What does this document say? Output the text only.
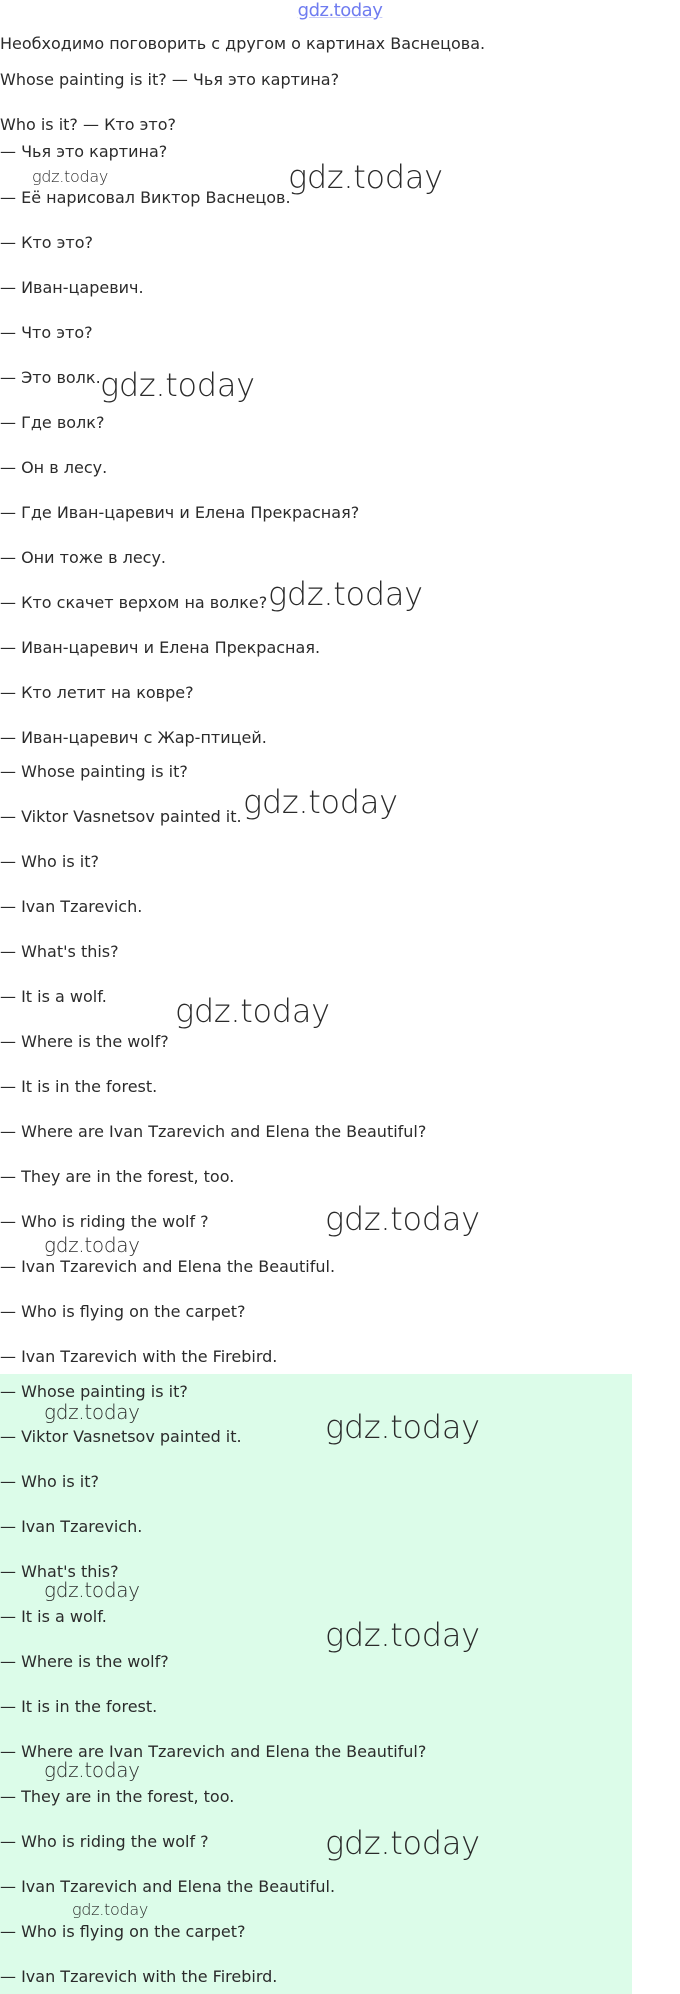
gdz.today
Необходимо поговорить с другом о картинах Васнецова.
Whose painting is it? — Чья это картина?
Who is it? — Кто это?
— Чья это картина?
— Её нарисовал Виктор Васнецов.
— Кто это?
— Иван-царевич.
— Что это?
— Это волк.
— Где волк?
— Он в лесу.
— Где Иван-царевич и Елена Прекрасная?
— Они тоже в лесу.
— Кто скачет верхом на волке?
— Иван-царевич и Елена Прекрасная.
— Кто летит на ковре?
— Иван-царевич с Жар-птицей.
— Whose painting is it?
— Viktor Vasnetsov painted it.
— Who is it?
— Ivan Tzarevich.
— What's this?
— It is a wolf.
— Where is the wolf?
— It is in the forest.
— Where are Ivan Tzarevich and Elena the Beautiful?
— They are in the forest, too.
— Who is riding the wolf ?
— Ivan Tzarevich and Elena the Beautiful.
— Who is flying on the carpet?
— Ivan Tzarevich with the Firebird.
— Whose painting is it?
— Viktor Vasnetsov painted it.
— Who is it?
— Ivan Tzarevich.
— What's this?
— It is a wolf.
— Where is the wolf?
— It is in the forest.
— Where are Ivan Tzarevich and Elena the Beautiful?
— They are in the forest, too.
— Who is riding the wolf ?
— Ivan Tzarevich and Elena the Beautiful.
— Who is flying on the carpet?
— Ivan Tzarevich with the Firebird.
gdz.today	gdz.today
gdz.today
gdz.today
gdz.today
gdz.today
gdz.today
gdz.today
gdz.today	gdz.today
gdz.today
gdz.today
gdz.today
gdz.today
gdz.today
